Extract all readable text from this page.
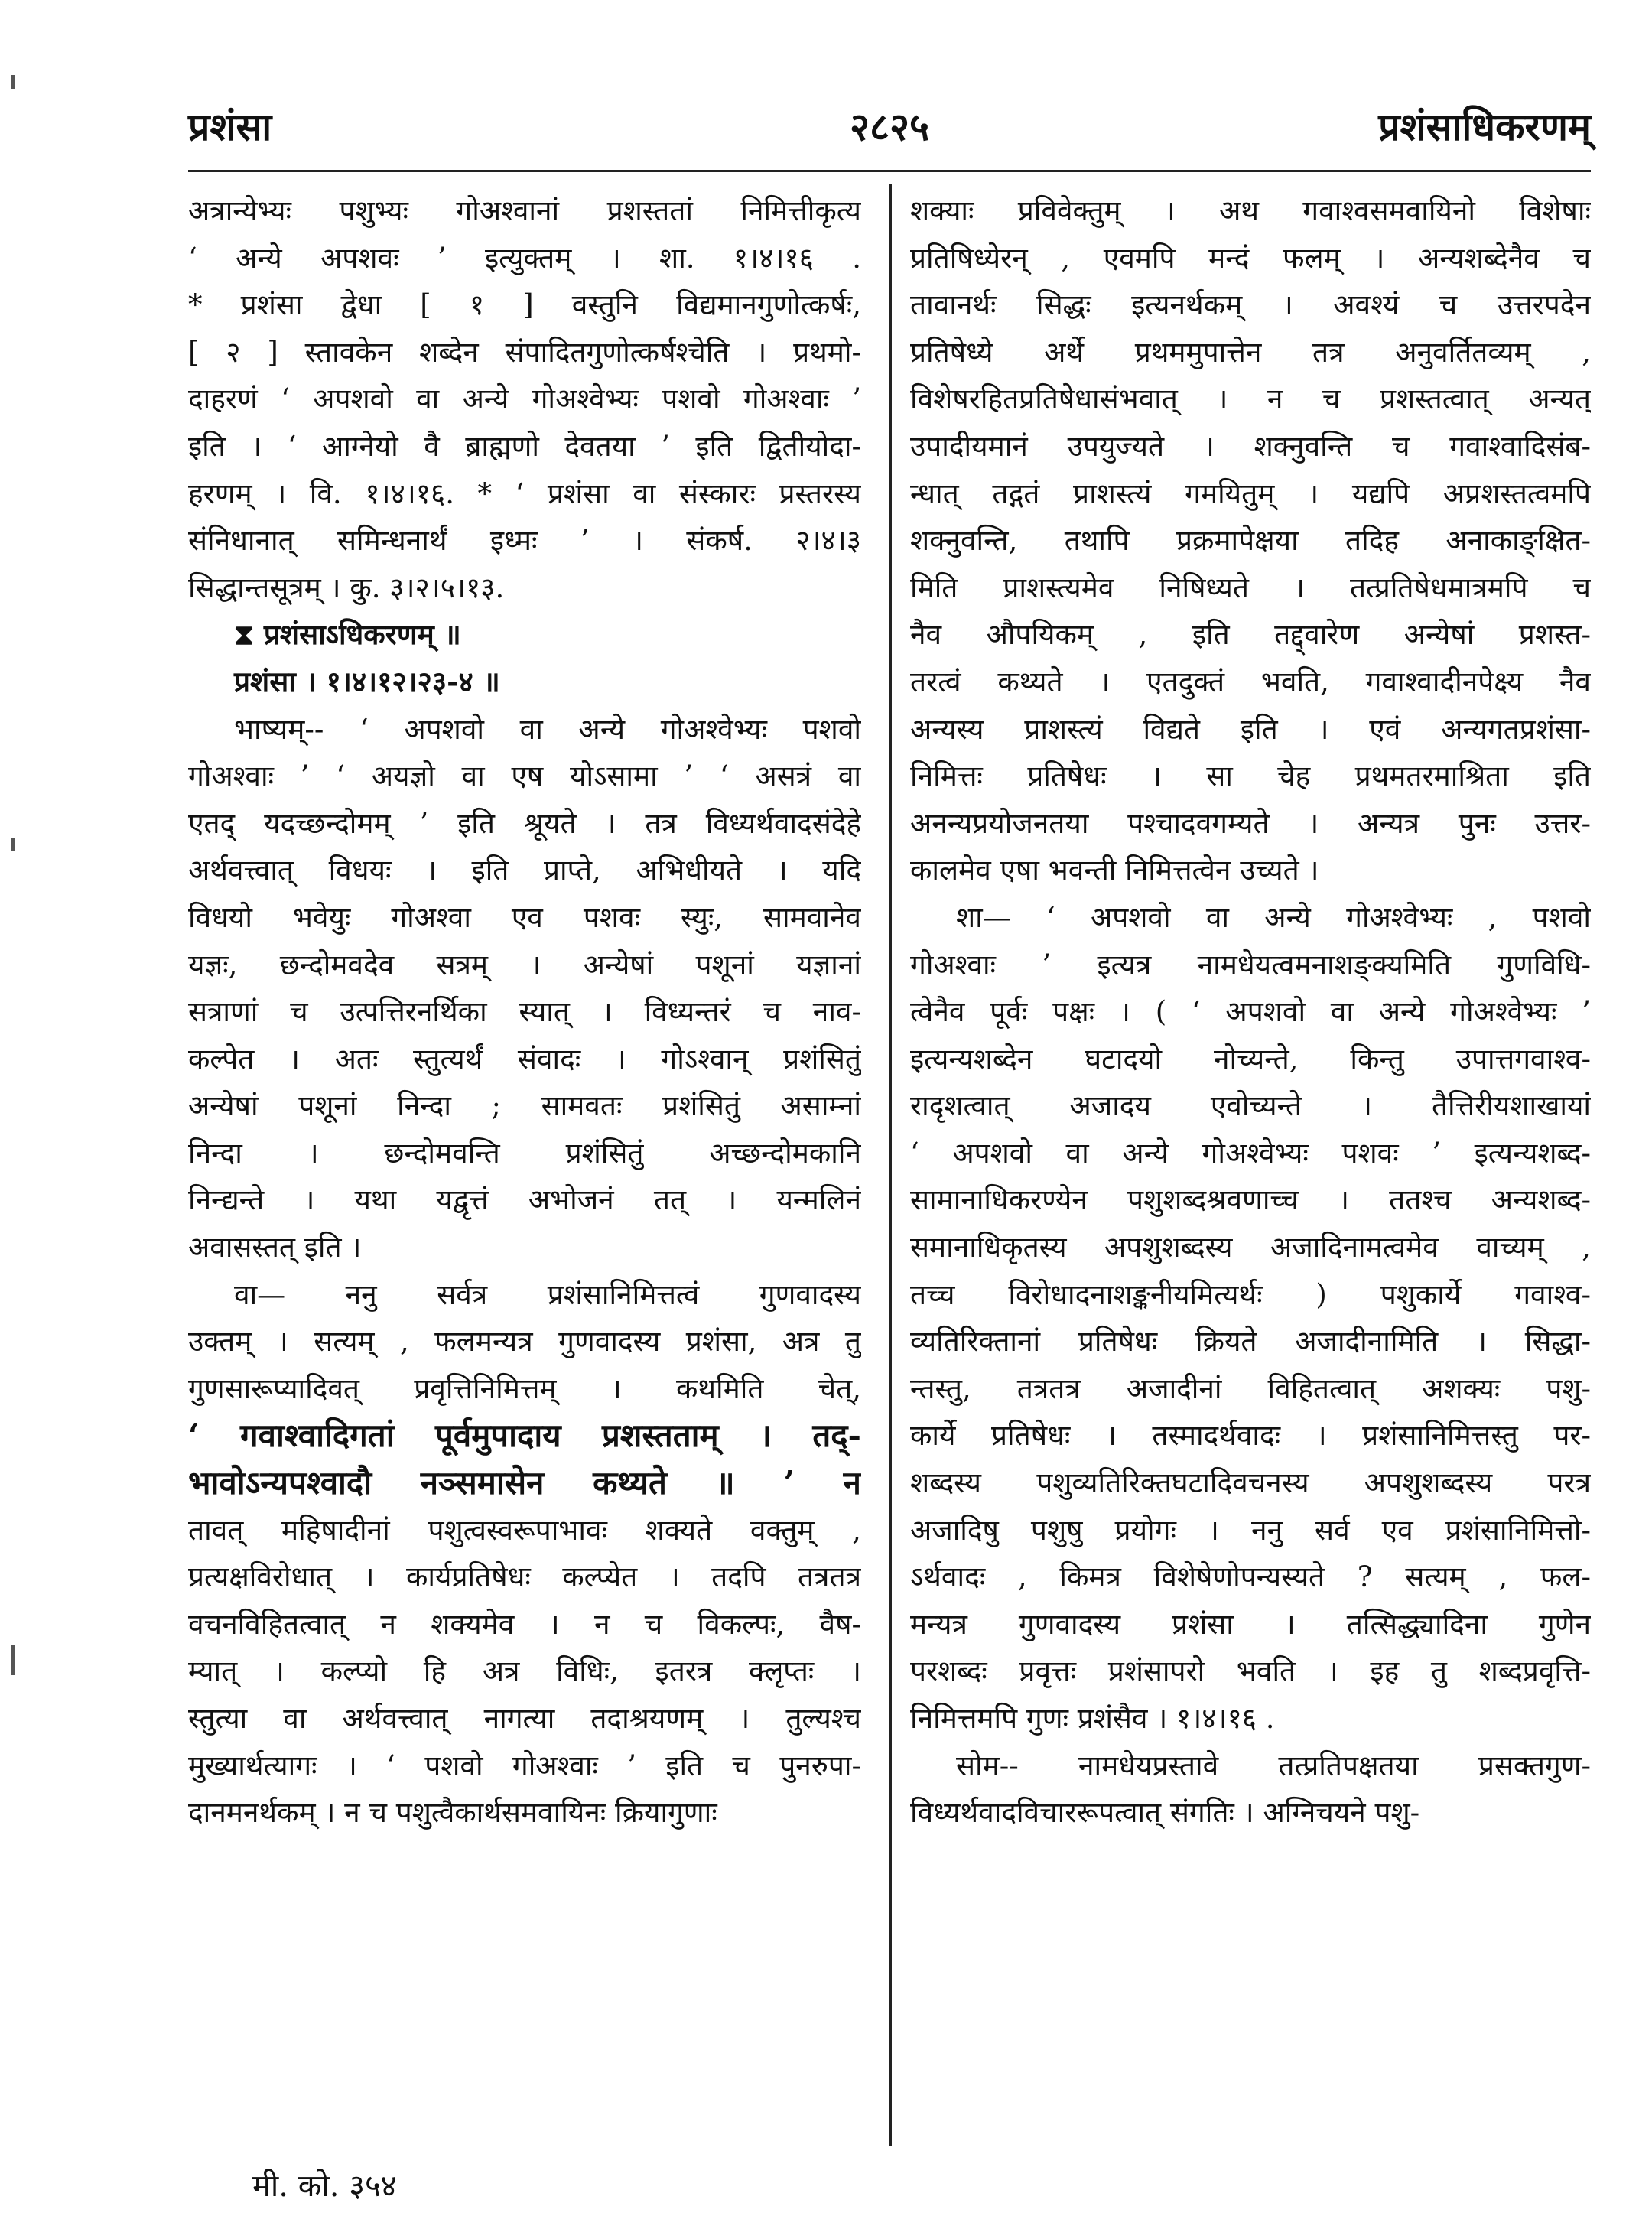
प्रशंसा	२८२५	प्रशंसाधिकरणम्
अत्रान्येभ्यः पशुभ्यः गोअश्वानां प्रशस्ततां निमित्तीकृत्य
‘ अन्ये अपशवः ’ इत्युक्तम् । शा. १।४।१६ .
* प्रशंसा द्वेधा [ १ ] वस्तुनि विद्यमानगुणोत्कर्षः,
[ २ ] स्तावकेन शब्देन संपादितगुणोत्कर्षश्चेति । प्रथमो-
दाहरणं ‘ अपशवो वा अन्ये गोअश्वेभ्यः पशवो गोअश्वाः ’
इति । ‘ आग्नेयो वै ब्राह्मणो देवतया ’ इति द्वितीयोदा-
हरणम् । वि. १।४।१६. * ‘ प्रशंसा वा संस्कारः प्रस्तरस्य
संनिधानात् समिन्धनार्थं इध्मः ’ । संकर्ष. २।४।३
सिद्धान्तसूत्रम् । कु. ३।२।५।१३.
⧗ प्रशंसाऽधिकरणम् ॥
प्रशंसा । १।४।१२।२३-४ ॥
भाष्यम्-- ‘ अपशवो वा अन्ये गोअश्वेभ्यः पशवो
गोअश्वाः ’ ‘ अयज्ञो वा एष योऽसामा ’ ‘ असत्रं वा
एतद् यदच्छन्दोमम् ’ इति श्रूयते । तत्र विध्यर्थवादसंदेहे
अर्थवत्त्वात् विधयः । इति प्राप्ते, अभिधीयते । यदि
विधयो भवेयुः गोअश्वा एव पशवः स्युः, सामवानेव
यज्ञः, छन्दोमवदेव सत्रम् । अन्येषां पशूनां यज्ञानां
सत्राणां च उत्पत्तिरनर्थिका स्यात् । विध्यन्तरं च नाव-
कल्पेत । अतः स्तुत्यर्थं संवादः । गोऽश्वान् प्रशंसितुं
अन्येषां पशूनां निन्दा ; सामवतः प्रशंसितुं असाम्नां
निन्दा । छन्दोमवन्ति प्रशंसितुं अच्छन्दोमकानि
निन्द्यन्ते । यथा यद्वृत्तं अभोजनं तत् । यन्मलिनं
अवासस्तत् इति ।
वा— ननु सर्वत्र प्रशंसानिमित्तत्वं गुणवादस्य
उक्तम् । सत्यम् , फलमन्यत्र गुणवादस्य प्रशंसा, अत्र तु
गुणसारूप्यादिवत् प्रवृत्तिनिमित्तम् । कथमिति चेत्,
‘ गवाश्वादिगतां पूर्वमुपादाय प्रशस्तताम् । तद्-
भावोऽन्यपश्वादौ नञ्समासेन कथ्यते ॥ ’ न
तावत् महिषादीनां पशुत्वस्वरूपाभावः शक्यते वक्तुम् ,
प्रत्यक्षविरोधात् । कार्यप्रतिषेधः कल्प्येत । तदपि तत्रतत्र
वचनविहितत्वात् न शक्यमेव । न च विकल्पः, वैष-
म्यात् । कल्प्यो हि अत्र विधिः, इतरत्र क्लृप्तः ।
स्तुत्या वा अर्थवत्त्वात् नागत्या तदाश्रयणम् । तुल्यश्च
मुख्यार्थत्यागः । ‘ पशवो गोअश्वाः ’ इति च पुनरुपा-
दानमनर्थकम् । न च पशुत्वैकार्थसमवायिनः क्रियागुणाः
शक्याः प्रविवेक्तुम् । अथ गवाश्वसमवायिनो विशेषाः
प्रतिषिध्येरन् , एवमपि मन्दं फलम् । अन्यशब्देनैव च
तावानर्थः सिद्धः इत्यनर्थकम् । अवश्यं च उत्तरपदेन
प्रतिषेध्ये अर्थे प्रथममुपात्तेन तत्र अनुवर्तितव्यम् ,
विशेषरहितप्रतिषेधासंभवात् । न च प्रशस्तत्वात् अन्यत्
उपादीयमानं उपयुज्यते । शक्नुवन्ति च गवाश्वादिसंब-
न्धात् तद्गतं प्राशस्त्यं गमयितुम् । यद्यपि अप्रशस्तत्वमपि
शक्नुवन्ति, तथापि प्रक्रमापेक्षया तदिह अनाकाङ्क्षित-
मिति प्राशस्त्यमेव निषिध्यते । तत्प्रतिषेधमात्रमपि च
नैव औपयिकम् , इति तद्द्वारेण अन्येषां प्रशस्त-
तरत्वं कथ्यते । एतदुक्तं भवति, गवाश्वादीनपेक्ष्य नैव
अन्यस्य प्राशस्त्यं विद्यते इति । एवं अन्यगतप्रशंसा-
निमित्तः प्रतिषेधः । सा चेह प्रथमतरमाश्रिता इति
अनन्यप्रयोजनतया पश्चादवगम्यते । अन्यत्र पुनः उत्तर-
कालमेव एषा भवन्ती निमित्तत्वेन उच्यते ।
शा— ‘ अपशवो वा अन्ये गोअश्वेभ्यः , पशवो
गोअश्वाः ’ इत्यत्र नामधेयत्वमनाशङ्क्यमिति गुणविधि-
त्वेनैव पूर्वः पक्षः । ( ‘ अपशवो वा अन्ये गोअश्वेभ्यः ’
इत्यन्यशब्देन घटादयो नोच्यन्ते, किन्तु उपात्तगवाश्व-
रादृशत्वात् अजादय एवोच्यन्ते । तैत्तिरीयशाखायां
‘ अपशवो वा अन्ये गोअश्वेभ्यः पशवः ’ इत्यन्यशब्द-
सामानाधिकरण्येन पशुशब्दश्रवणाच्च । ततश्च अन्यशब्द-
समानाधिकृतस्य अपशुशब्दस्य अजादिनामत्वमेव वाच्यम् ,
तच्च विरोधादनाशङ्कनीयमित्यर्थः ) पशुकार्ये गवाश्व-
व्यतिरिक्तानां प्रतिषेधः क्रियते अजादीनामिति । सिद्धा-
न्तस्तु, तत्रतत्र अजादीनां विहितत्वात् अशक्यः पशु-
कार्ये प्रतिषेधः । तस्मादर्थवादः । प्रशंसानिमित्तस्तु पर-
शब्दस्य पशुव्यतिरिक्तघटादिवचनस्य अपशुशब्दस्य परत्र
अजादिषु पशुषु प्रयोगः । ननु सर्व एव प्रशंसानिमित्तो-
ऽर्थवादः , किमत्र विशेषेणोपन्यस्यते ? सत्यम् , फल-
मन्यत्र गुणवादस्य प्रशंसा । तत्सिद्ध्यादिना गुणेन
परशब्दः प्रवृत्तः प्रशंसापरो भवति । इह तु शब्दप्रवृत्ति-
निमित्तमपि गुणः प्रशंसैव । १।४।१६ .
सोम-- नामधेयप्रस्तावे तत्प्रतिपक्षतया प्रसक्तगुण-
विध्यर्थवादविचाररूपत्वात् संगतिः । अग्निचयने पशु-
मी. को. ३५४
